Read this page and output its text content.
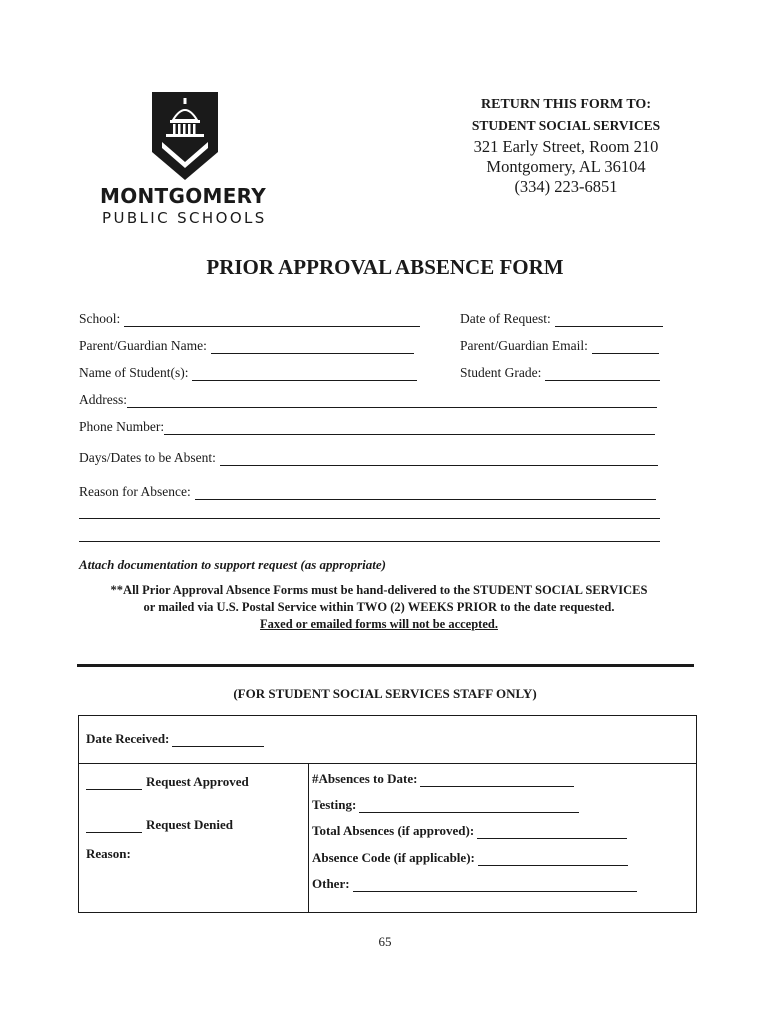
MONTGOMERY
PUBLIC SCHOOLS
RETURN THIS FORM TO:
STUDENT SOCIAL SERVICES
321 Early Street, Room 210
Montgomery, AL 36104
(334) 223-6851
PRIOR APPROVAL ABSENCE FORM
School:	Date of Request:
Parent/Guardian Name:	Parent/Guardian Email:
Name of Student(s):	Student Grade:
Address:
Phone Number:
Days/Dates to be Absent:
Reason for Absence:
Attach documentation to support request (as appropriate)
**All Prior Approval Absence Forms must be hand-delivered to the STUDENT SOCIAL SERVICES
or mailed via U.S. Postal Service within TWO (2) WEEKS PRIOR to the date requested.
Faxed or emailed forms will not be accepted.
(FOR STUDENT SOCIAL SERVICES STAFF ONLY)
Date Received:
Request Approved
Request Denied
Reason:
#Absences to Date:
Testing:
Total Absences (if approved):
Absence Code (if applicable):
Other:
65
